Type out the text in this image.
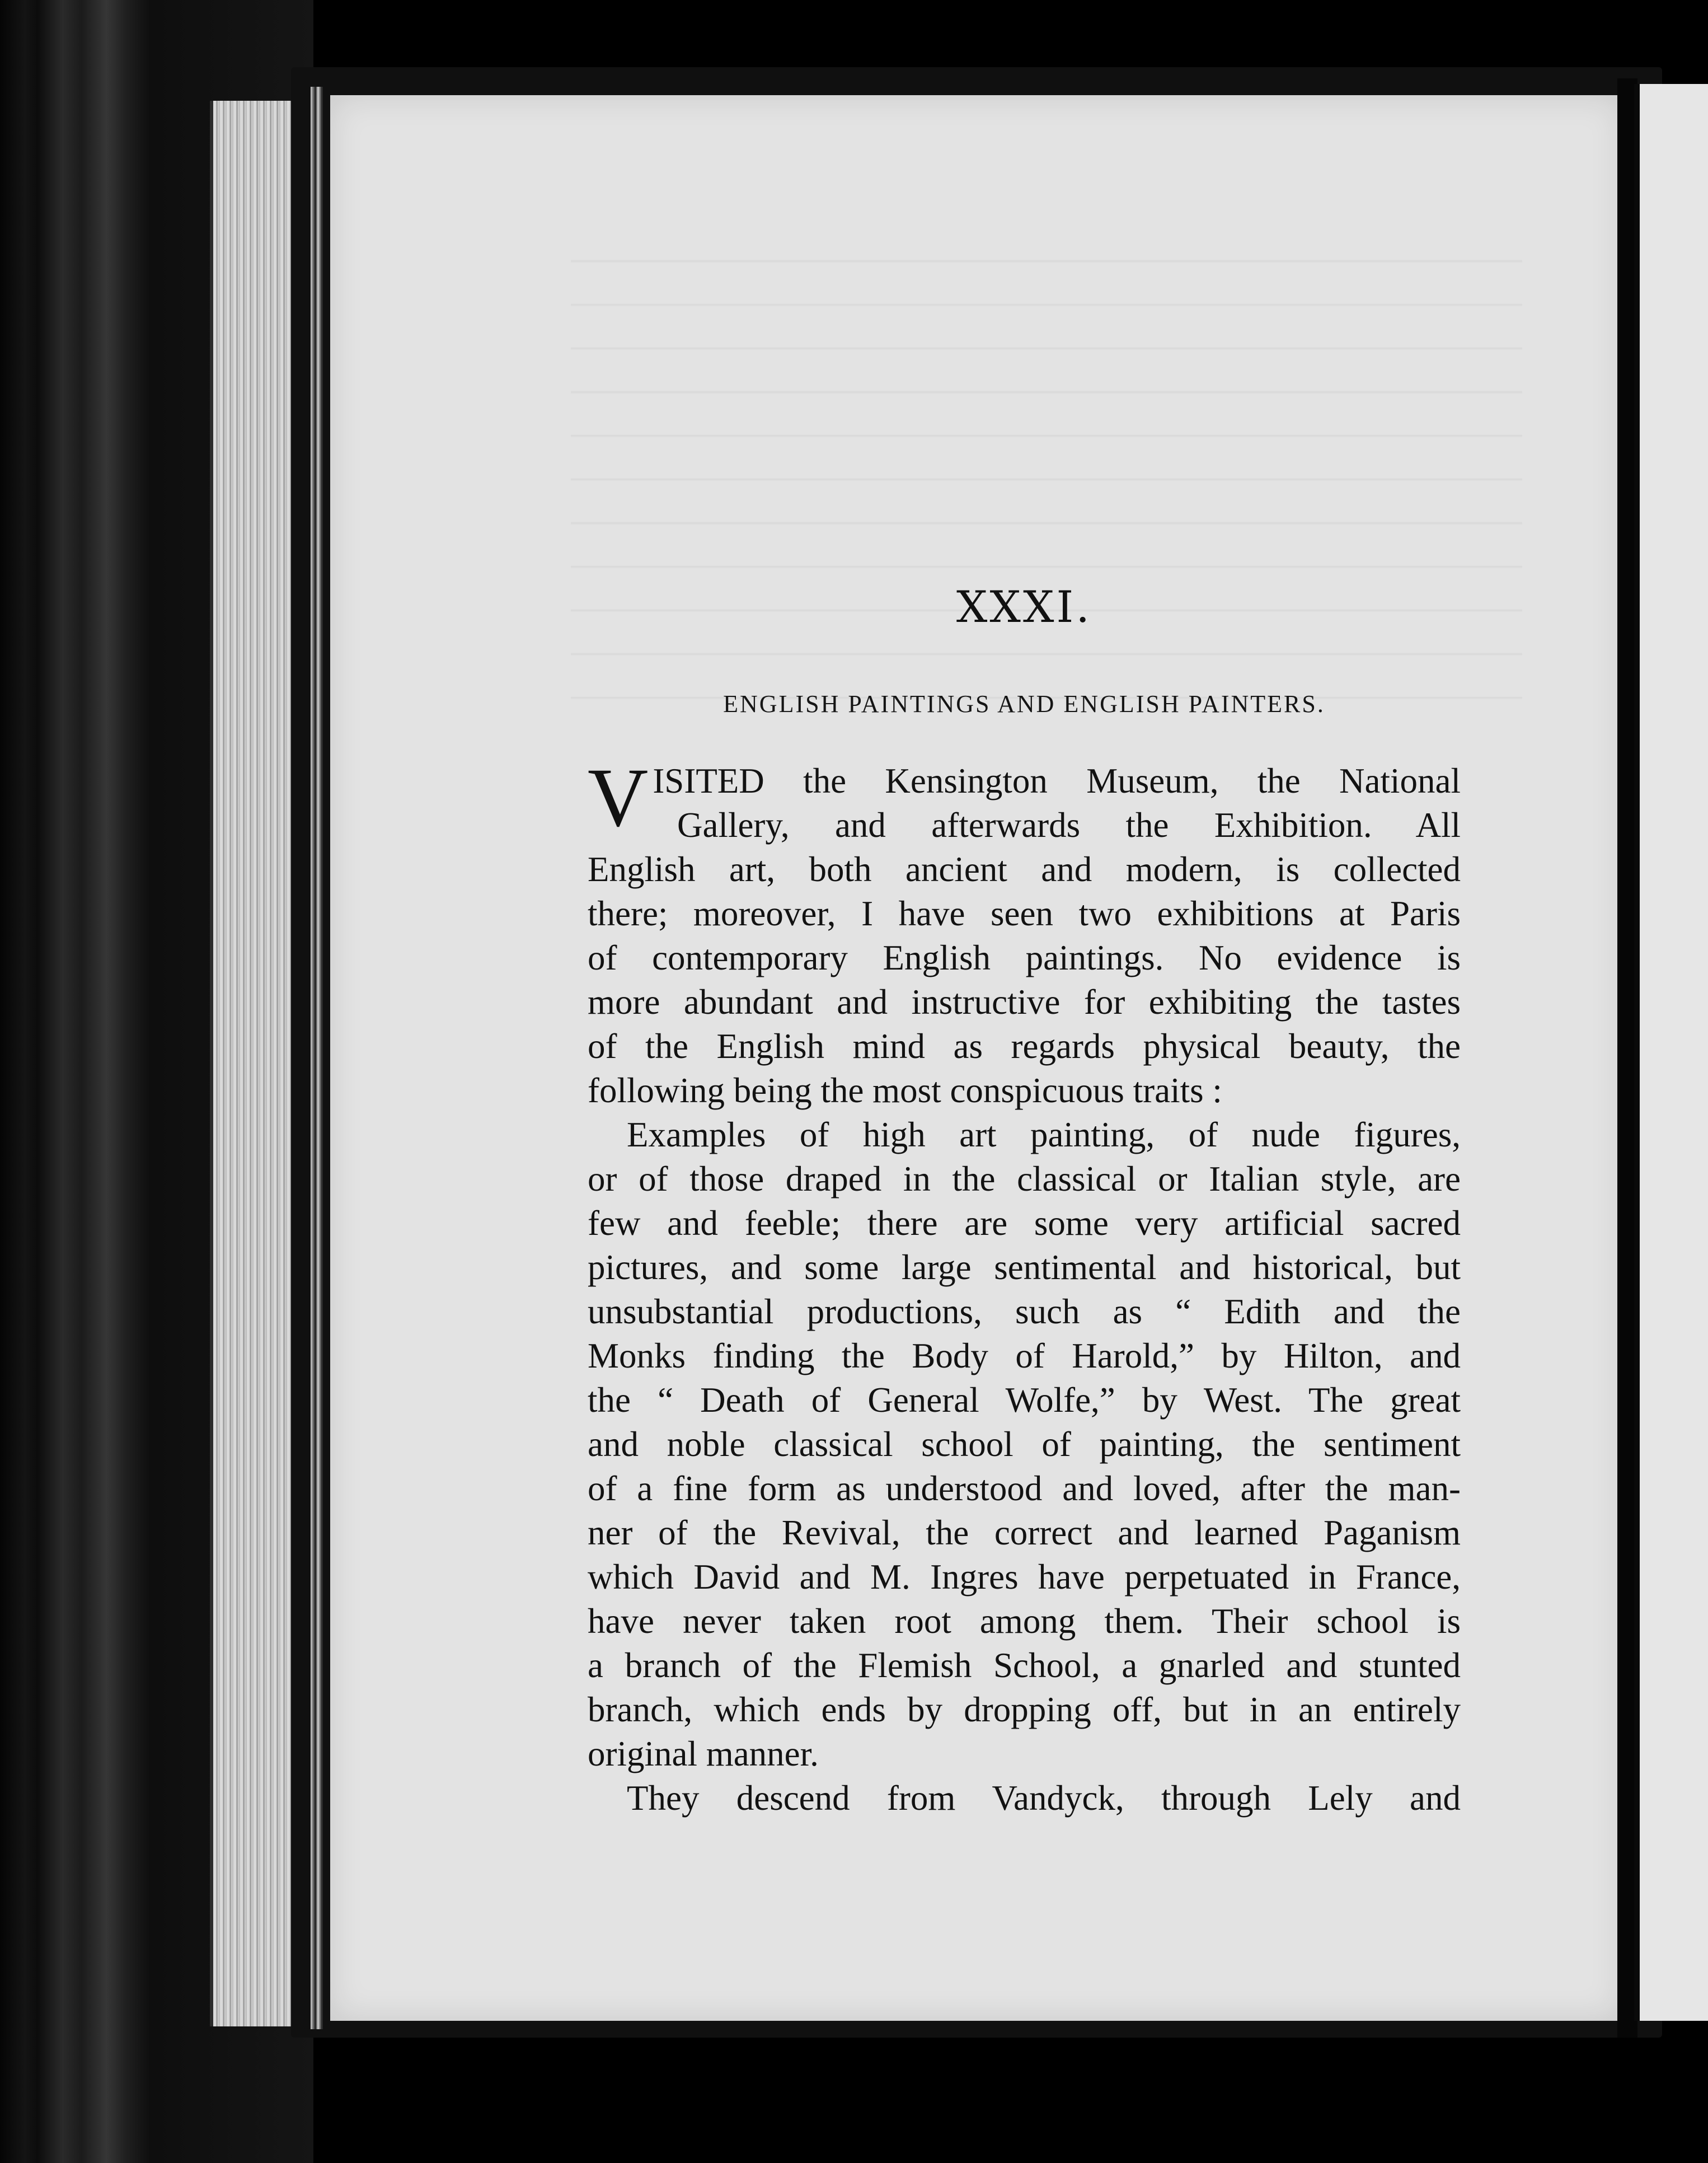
XXXI.
ENGLISH PAINTINGS AND ENGLISH PAINTERS.
V ISITED the Kensington Museum, the National
Gallery, and afterwards the Exhibition. All
English art, both ancient and modern, is collected
there; moreover, I have seen two exhibitions at Paris
of contemporary English paintings. No evidence is
more abundant and instructive for exhibiting the tastes
of the English mind as regards physical beauty, the
following being the most conspicuous traits :
Examples of high art painting, of nude figures,
or of those draped in the classical or Italian style, are
few and feeble; there are some very artificial sacred
pictures, and some large sentimental and historical, but
unsubstantial productions, such as “ Edith and the
Monks finding the Body of Harold,” by Hilton, and
the “ Death of General Wolfe,” by West. The great
and noble classical school of painting, the sentiment
of a fine form as understood and loved, after the man-
ner of the Revival, the correct and learned Paganism
which David and M. Ingres have perpetuated in France,
have never taken root among them. Their school is
a branch of the Flemish School, a gnarled and stunted
branch, which ends by dropping off, but in an entirely
original manner.
They descend from Vandyck, through Lely and
